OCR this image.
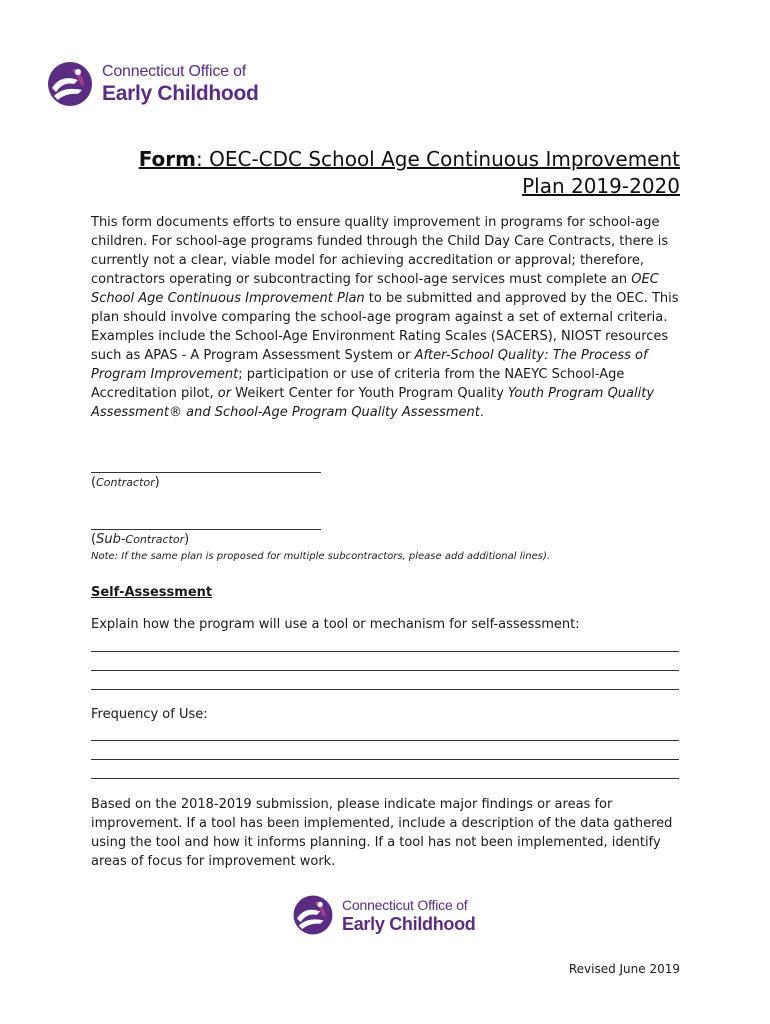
Connecticut Office of
Early Childhood
Form: OEC-CDC School Age Continuous Improvement
Plan 2019-2020
This form documents efforts to ensure quality improvement in programs for school-age children. For school-age programs funded through the Child Day Care Contracts, there is currently not a clear, viable model for achieving accreditation or approval; therefore, contractors operating or subcontracting for school-age services must complete an OEC School Age Continuous Improvement Plan to be submitted and approved by the OEC. This plan should involve comparing the school-age program against a set of external criteria. Examples include the School-Age Environment Rating Scales (SACERS), NIOST resources such as APAS - A Program Assessment System or After-School Quality: The Process of Program Improvement; participation or use of criteria from the NAEYC School-Age Accreditation pilot, or Weikert Center for Youth Program Quality Youth Program Quality Assessment® and School-Age Program Quality Assessment.
(Contractor)
(Sub-Contractor)
Note: If the same plan is proposed for multiple subcontractors, please add additional lines).
Self-Assessment
Explain how the program will use a tool or mechanism for self-assessment:
Frequency of Use:
Based on the 2018-2019 submission, please indicate major findings or areas for improvement. If a tool has been implemented, include a description of the data gathered using the tool and how it informs planning. If a tool has not been implemented, identify areas of focus for improvement work.
Connecticut Office of
Early Childhood
Revised June 2019
